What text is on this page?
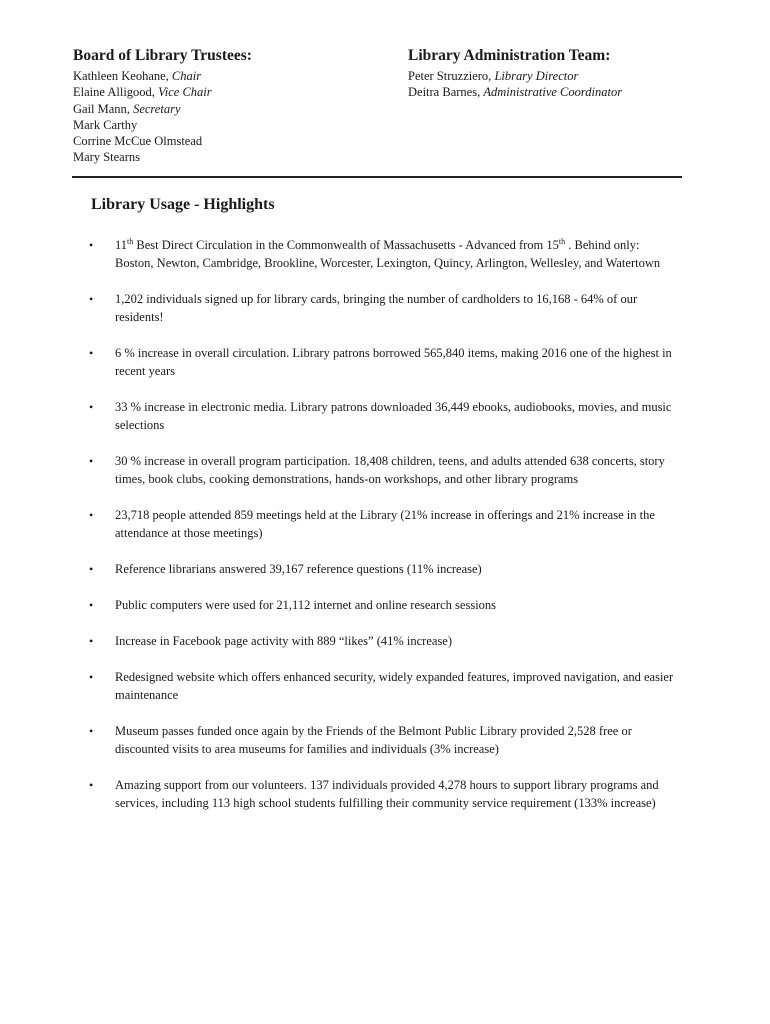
Board of Library Trustees:
Kathleen Keohane, Chair
Elaine Alligood, Vice Chair
Gail Mann, Secretary
Mark Carthy
Corrine McCue Olmstead
Mary Stearns
Library Administration Team:
Peter Struzziero, Library Director
Deitra Barnes, Administrative Coordinator
Library Usage - Highlights
•	11th Best Direct Circulation in the Commonwealth of Massachusetts - Advanced from 15th . Behind only: Boston, Newton, Cambridge, Brookline, Worcester, Lexington, Quincy, Arlington, Wellesley, and Watertown
•	1,202 individuals signed up for library cards, bringing the number of cardholders to 16,168 - 64% of our residents!
•	6 % increase in overall circulation. Library patrons borrowed 565,840 items, making 2016 one of the highest in recent years
•	33 % increase in electronic media. Library patrons downloaded 36,449 ebooks, audiobooks, movies, and music selections
•	30 % increase in overall program participation. 18,408 children, teens, and adults attended 638 concerts, story times, book clubs, cooking demonstrations, hands-on workshops, and other library programs
•	23,718 people attended 859 meetings held at the Library (21% increase in offerings and 21% increase in the attendance at those meetings)
•	Reference librarians answered 39,167 reference questions (11% increase)
•	Public computers were used for 21,112 internet and online research sessions
•	Increase in Facebook page activity with 889 “likes” (41% increase)
•	Redesigned website which offers enhanced security, widely expanded features, improved navigation, and easier maintenance
•	Museum passes funded once again by the Friends of the Belmont Public Library provided 2,528 free or discounted visits to area museums for families and individuals (3% increase)
•	Amazing support from our volunteers. 137 individuals provided 4,278 hours to support library programs and services, including 113 high school students fulfilling their community service requirement (133% increase)
